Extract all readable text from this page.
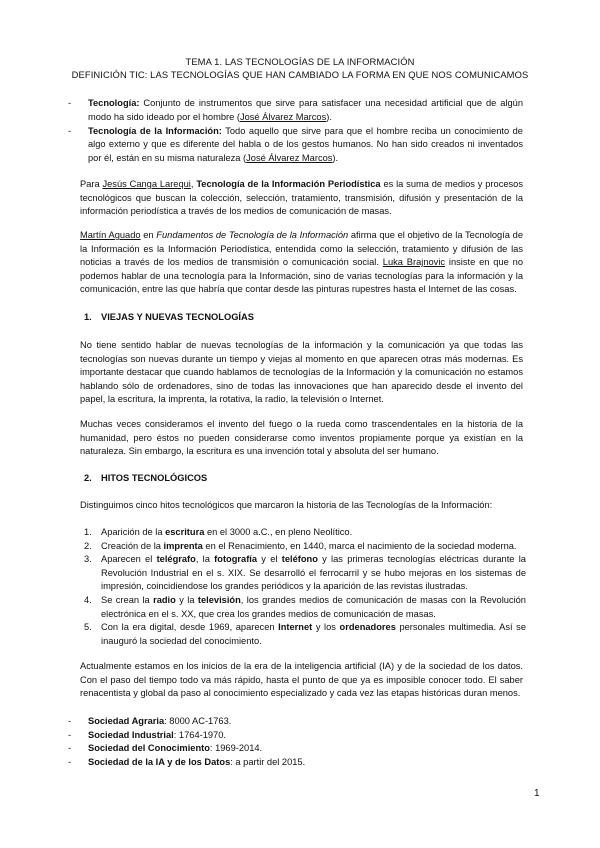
TEMA 1. LAS TECNOLOGÍAS DE LA INFORMACIÓN
DEFINICIÓN TIC: LAS TECNOLOGÍAS QUE HAN CAMBIADO LA FORMA EN QUE NOS COMUNICAMOS
- Tecnología: Conjunto de instrumentos que sirve para satisfacer una necesidad artificial que de algún modo ha sido ideado por el hombre (José Álvarez Marcos).
- Tecnología de la Información: Todo aquello que sirve para que el hombre reciba un conocimiento de algo externo y que es diferente del habla o de los gestos humanos. No han sido creados ni inventados por él, están en su misma naturaleza (José Álvarez Marcos).
Para Jesús Canga Larequi, Tecnología de la Información Periodística es la suma de medios y procesos tecnológicos que buscan la colección, selección, tratamiento, transmisión, difusión y presentación de la información periodística a través de los medios de comunicación de masas.
Martín Aguado en Fundamentos de Tecnología de la Información afirma que el objetivo de la Tecnología de la Información es la Información Periodística, entendida como la selección, tratamiento y difusión de las noticias a través de los medios de transmisión o comunicación social. Luka Brajnovic insiste en que no podemos hablar de una tecnología para la Información, sino de varias tecnologías para la información y la comunicación, entre las que habría que contar desde las pinturas rupestres hasta el Internet de las cosas.
1. VIEJAS Y NUEVAS TECNOLOGÍAS
No tiene sentido hablar de nuevas tecnologías de la información y la comunicación ya que todas las tecnologías son nuevas durante un tiempo y viejas al momento en que aparecen otras más modernas. Es importante destacar que cuando hablamos de tecnologías de la Información y la comunicación no estamos hablando sólo de ordenadores, sino de todas las innovaciones que han aparecido desde el invento del papel, la escritura, la imprenta, la rotativa, la radio, la televisión o Internet.
Muchas veces consideramos el invento del fuego o la rueda como trascendentales en la historia de la humanidad, pero éstos no pueden considerarse como inventos propiamente porque ya existían en la naturaleza. Sin embargo, la escritura es una invención total y absoluta del ser humano.
2. HITOS TECNOLÓGICOS
Distinguimos cinco hitos tecnológicos que marcaron la historia de las Tecnologías de la Información:
1. Aparición de la escritura en el 3000 a.C., en pleno Neolítico.
2. Creación de la imprenta en el Renacimiento, en 1440, marca el nacimiento de la sociedad moderna.
3. Aparecen el telégrafo, la fotografía y el teléfono y las primeras tecnologías eléctricas durante la Revolución Industrial en el s. XIX. Se desarrolló el ferrocarril y se hubo mejoras en los sistemas de impresión, coincidiendose los grandes periódicos y la aparición de las revistas ilustradas.
4. Se crean la radio y la televisión, los grandes medios de comunicación de masas con la Revolución electrónica en el s. XX, que crea los grandes medios de comunicación de masas.
5. Con la era digital, desde 1969, aparecen Internet y los ordenadores personales multimedia. Así se inauguró la sociedad del conocimiento.
Actualmente estamos en los inicios de la era de la inteligencia artificial (IA) y de la sociedad de los datos. Con el paso del tiempo todo va más rápido, hasta el punto de que ya es imposible conocer todo. El saber renacentista y global da paso al conocimiento especializado y cada vez las etapas históricas duran menos.
- Sociedad Agraria: 8000 AC-1763.
- Sociedad Industrial: 1764-1970.
- Sociedad del Conocimiento: 1969-2014.
- Sociedad de la IA y de los Datos: a partir del 2015.
1
